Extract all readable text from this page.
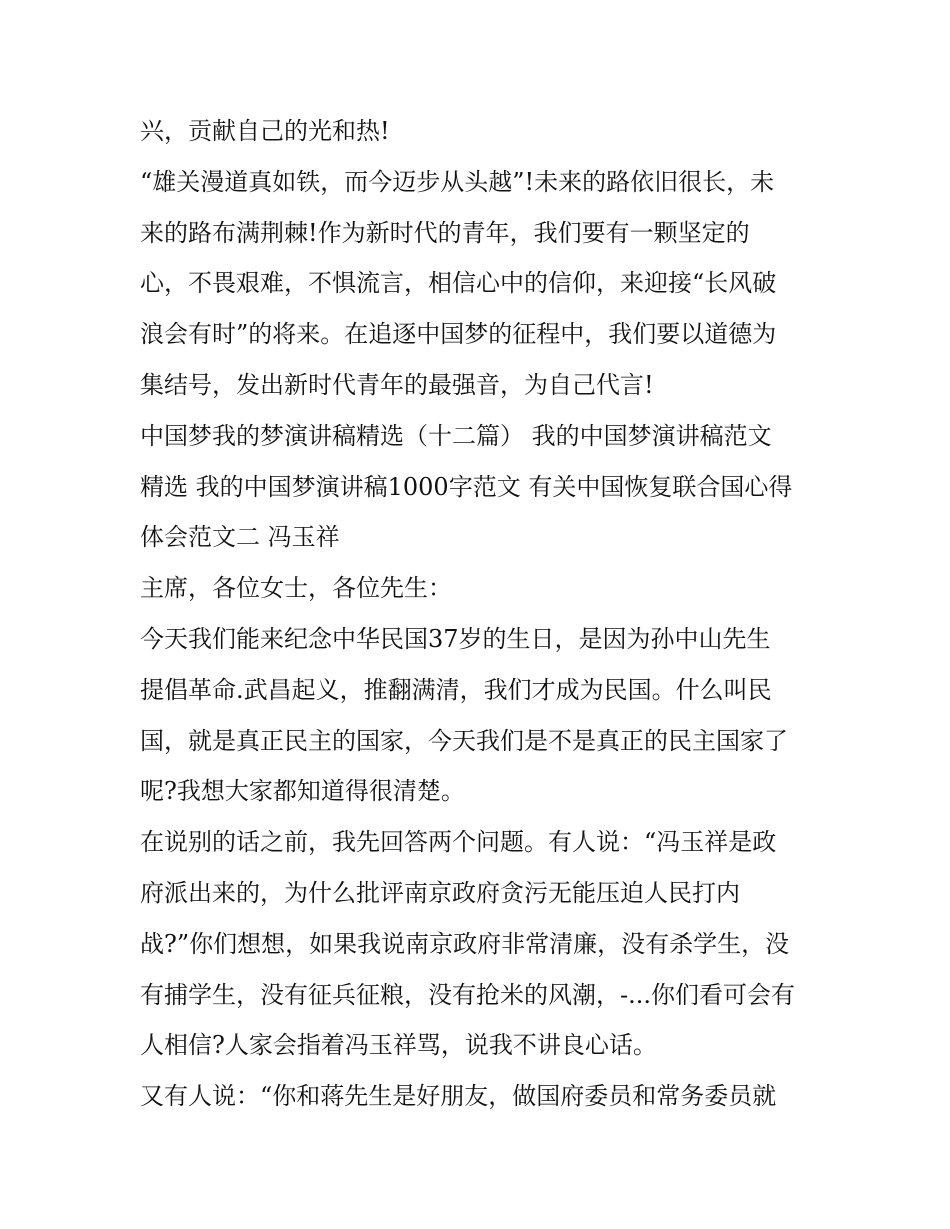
兴，贡献自己的光和热!
“雄关漫道真如铁，而今迈步从头越”!未来的路依旧很长，未
来的路布满荆棘!作为新时代的青年，我们要有一颗坚定的
心，不畏艰难，不惧流言，相信心中的信仰，来迎接“长风破
浪会有时”的将来。在追逐中国梦的征程中，我们要以道德为
集结号，发出新时代青年的最强音，为自己代言!
中国梦我的梦演讲稿精选（十二篇） 我的中国梦演讲稿范文
精选 我的中国梦演讲稿1000字范文 有关中国恢复联合国心得
体会范文二 冯玉祥
主席，各位女士，各位先生：
今天我们能来纪念中华民国37岁的生日，是因为孙中山先生
提倡革命.武昌起义，推翻满清，我们才成为民国。什么叫民
国，就是真正民主的国家，今天我们是不是真正的民主国家了
呢?我想大家都知道得很清楚。
在说别的话之前，我先回答两个问题。有人说：“冯玉祥是政
府派出来的，为什么批评南京政府贪污无能压迫人民打内
战?”你们想想，如果我说南京政府非常清廉，没有杀学生，没
有捕学生，没有征兵征粮，没有抢米的风潮，-...你们看可会有
人相信?人家会指着冯玉祥骂，说我不讲良心话。
又有人说：“你和蒋先生是好朋友，做国府委员和常务委员就
